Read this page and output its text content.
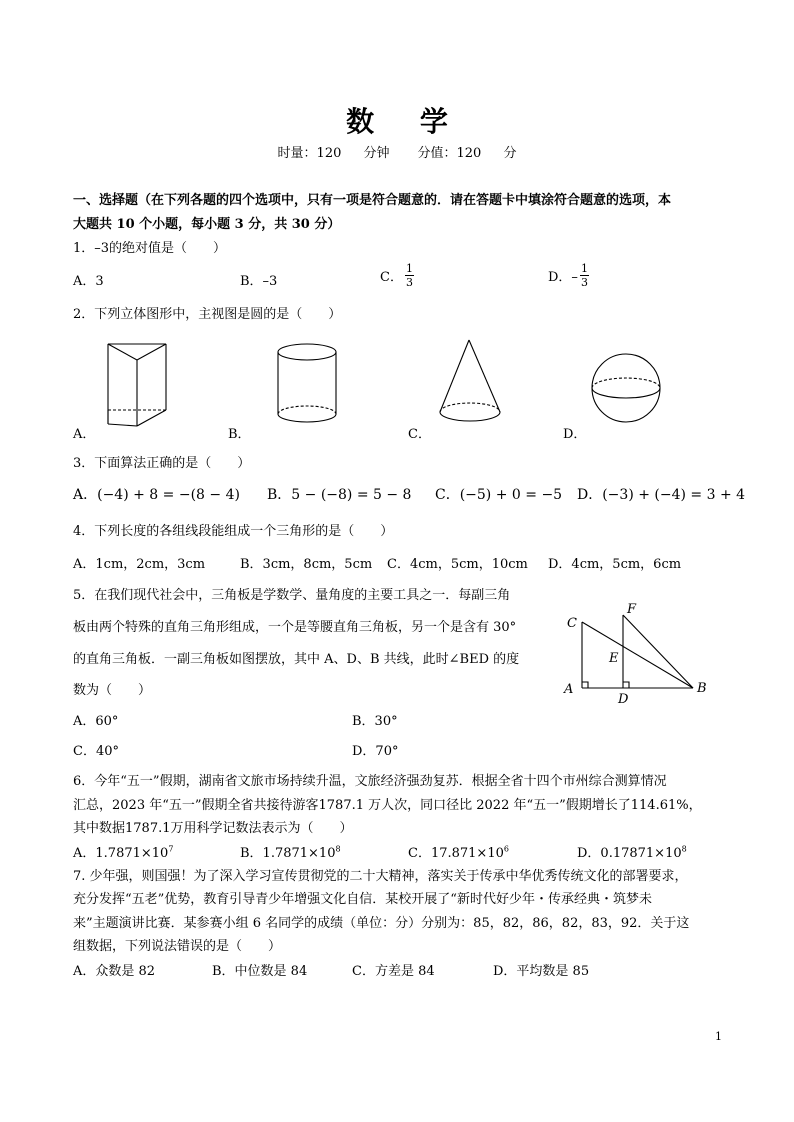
数 学
时量：120 分钟 分值：120 分
一、选择题（在下列各题的四个选项中，只有一项是符合题意的．请在答题卡中填涂符合题意的选项，本
大题共 10 个小题，每小题 3 分，共 30 分）
1．–3的绝对值是（　　）
A．3	B．–3	C． $\frac{1}{3}$	D．– $\frac{1}{3}$
2．下列立体图形中，主视图是圆的是（　　）
A．	B．	C．	D．
3．下面算法正确的是（　　）
A．(−4) + 8 = −(8 − 4) B．5 − (−8) = 5 − 8 C．(−5) + 0 = −5 D．(−3) + (−4) = 3 + 4
4．下列长度的各组线段能组成一个三角形的是（　　）
A．1cm，2cm，3cm	B．3cm，8cm，5cm C．4cm，5cm，10cm D．4cm，5cm，6cm
5．在我们现代社会中，三角板是学数学、量角度的主要工具之一．每副三角
板由两个特殊的直角三角形组成，一个是等腰直角三角板，另一个是含有 30°
的直角三角板．一副三角板如图摆放，其中 A、D、B 共线，此时∠BED 的度
数为（　　）
A．60°	B．30°
C．40°	D．70°
C
F
E
A
D
B
6．今年“五一”假期，湖南省文旅市场持续升温，文旅经济强劲复苏．根据全省十四个市州综合测算情况
汇总，2023 年“五一”假期全省共接待游客1787.1 万人次，同口径比 2022 年“五一”假期增长了114.61%，
其中数据1787.1万用科学记数法表示为（　　）
A．$1.7871\times 10^7$	B．$1.7871\times 10^8$	C．$17.871\times 10^6$	D．$0.17871\times 10^8$
7. 少年强，则国强！为了深入学习宣传贯彻党的二十大精神，落实关于传承中华优秀传统文化的部署要求，
充分发挥“五老”优势，教育引导青少年增强文化自信．某校开展了“新时代好少年・传承经典・筑梦未
来”主题演讲比赛．某参赛小组 6 名同学的成绩（单位：分）分别为：85，82，86，82，83，92．关于这
组数据，下列说法错误的是（　　）
A．众数是 82	B．中位数是 84	C．方差是 84	D．平均数是 85
1
